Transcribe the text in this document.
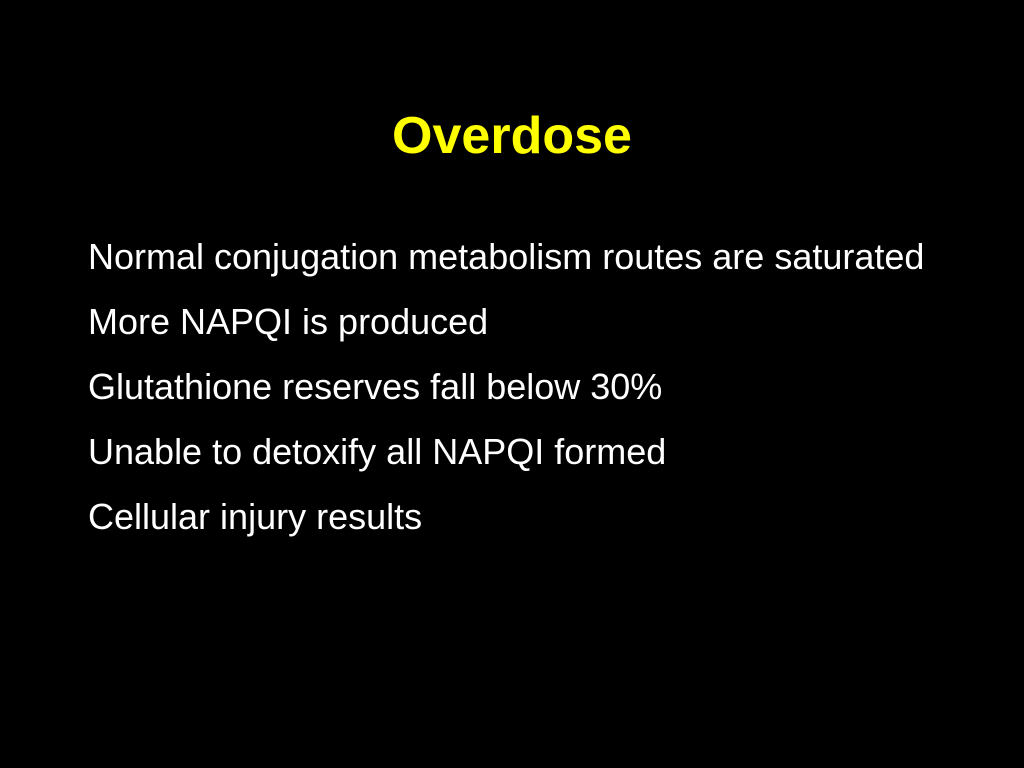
Overdose
Normal conjugation metabolism routes are saturated
More NAPQI is produced
Glutathione reserves fall below 30%
Unable to detoxify all NAPQI formed
Cellular injury results
